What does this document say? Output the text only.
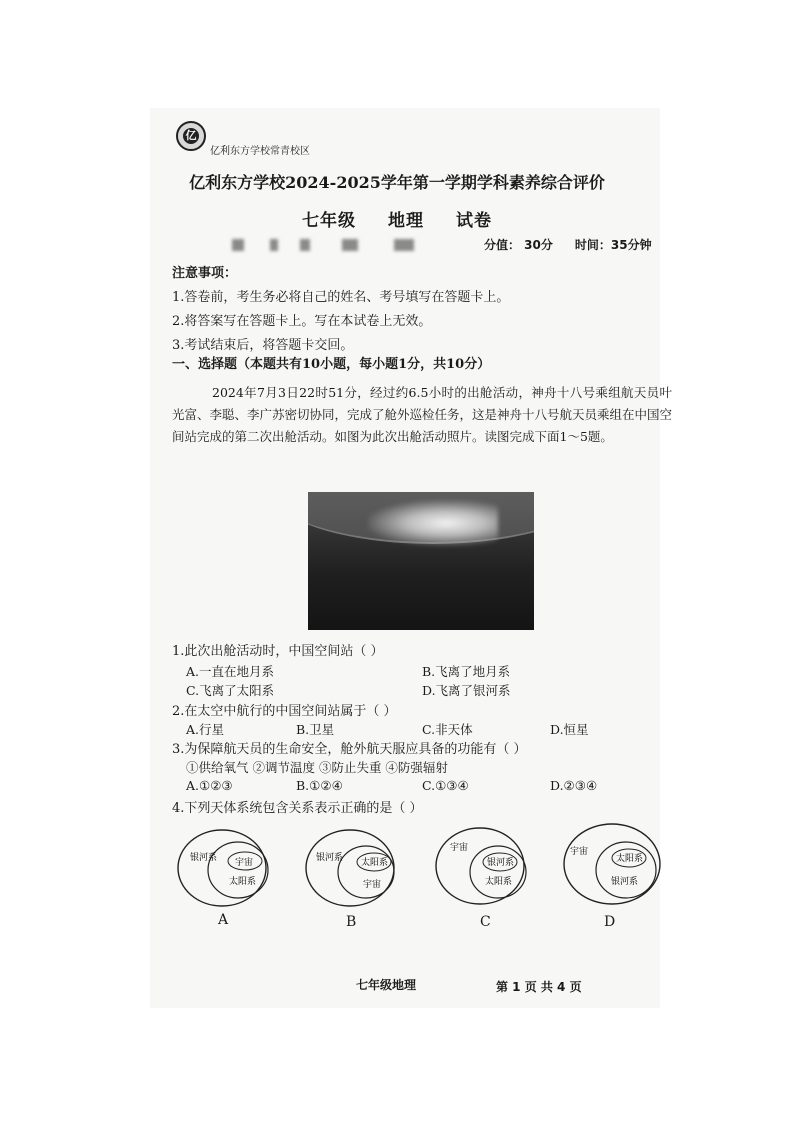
亿
亿利东方学校常青校区
亿利东方学校2024-2025学年第一学期学科素养综合评价
七年级 地理 试卷
分值： 30分 时间：35分钟
注意事项：
1.答卷前，考生务必将自己的姓名、考号填写在答题卡上。
2.将答案写在答题卡上。写在本试卷上无效。
3.考试结束后，将答题卡交回。
一、选择题（本题共有10小题，每小题1分，共10分）
2024年7月3日22时51分，经过约6.5小时的出舱活动，神舟十八号乘组航天员叶光富、李聪、李广苏密切协同，完成了舱外巡检任务，这是神舟十八号航天员乘组在中国空间站完成的第二次出舱活动。如图为此次出舱活动照片。读图完成下面1～5题。
1.此次出舱活动时，中国空间站（ ）
A.一直在地月系	B.飞离了地月系
C.飞离了太阳系	D.飞离了银河系
2.在太空中航行的中国空间站属于（ ）
A.行星	B.卫星	C.非天体	D.恒星
3.为保障航天员的生命安全，舱外航天服应具备的功能有（ ）
①供给氧气 ②调节温度 ③防止失重 ④防强辐射
A.①②③	B.①②④	C.①③④	D.②③④
4.下列天体系统包含关系表示正确的是（ ）
银河系 宇宙
太阳系
银河系 太阳系
宇宙
宇宙
银河系
太阳系
宇宙
太阳系
银河系
A	B	C	D
七年级地理	第 1 页 共 4 页
